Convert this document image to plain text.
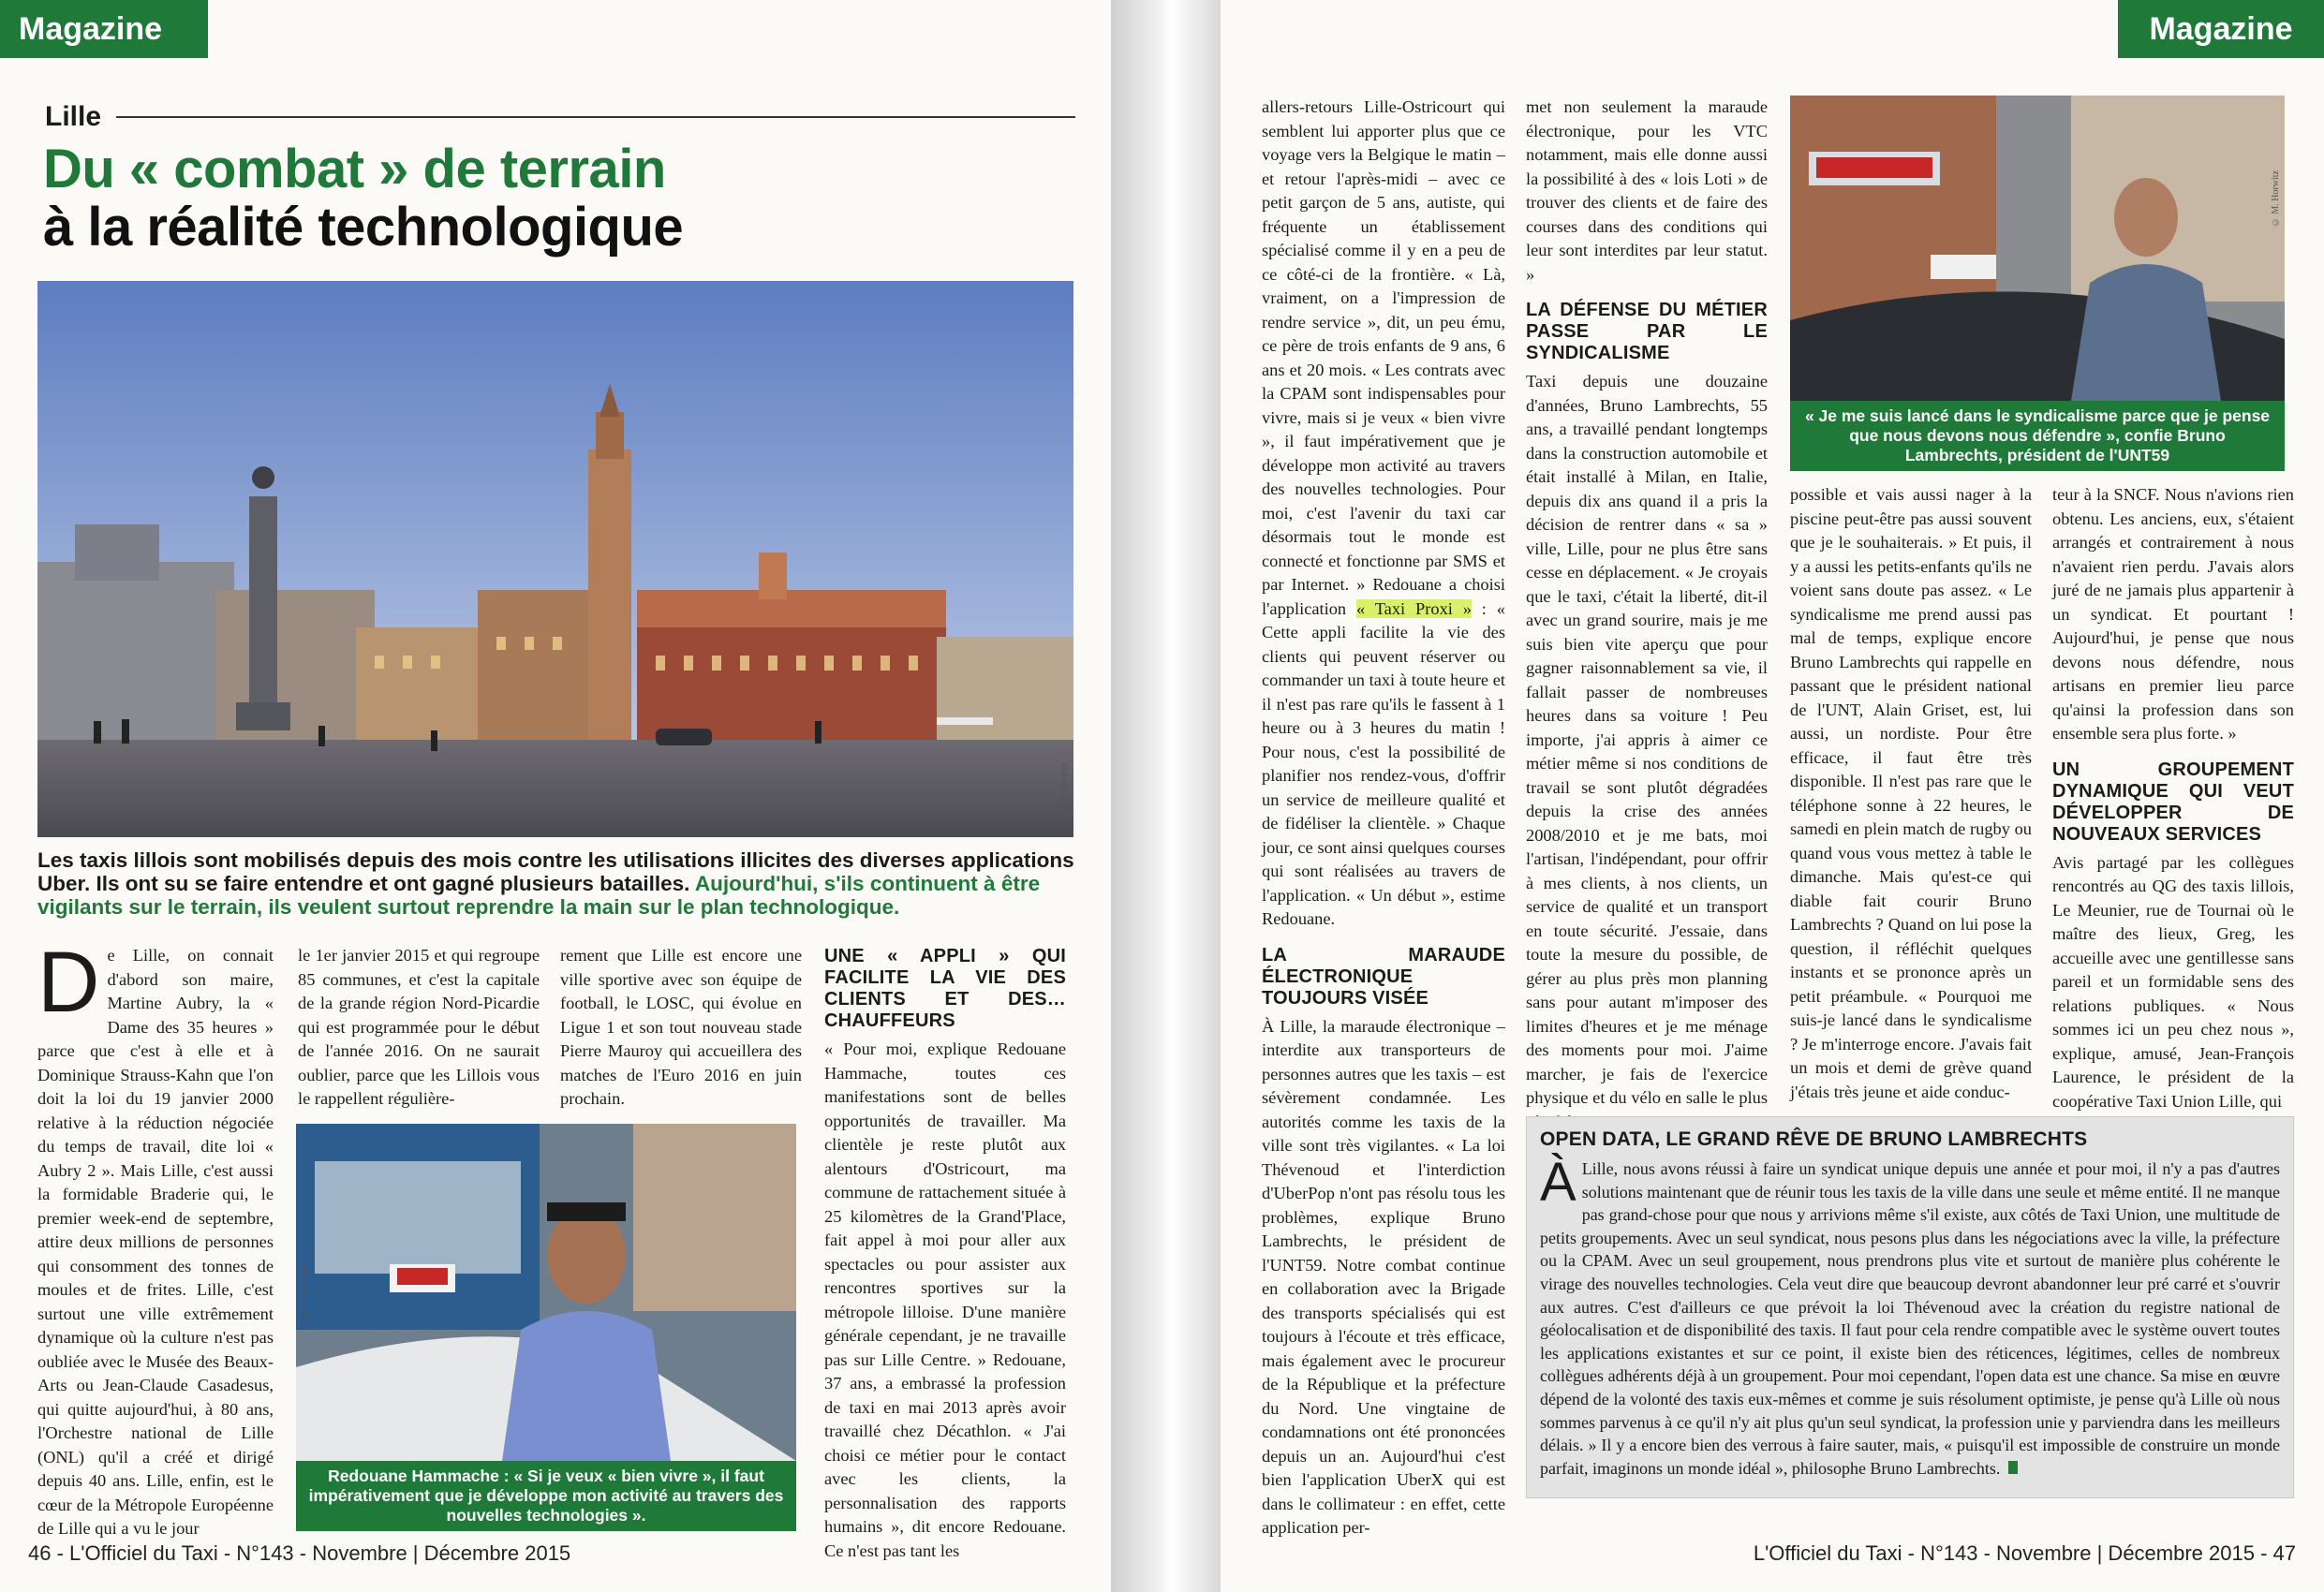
Magazine
Lille
Du « combat » de terrain
à la réalité technologique
© M. Horwitz
Les taxis lillois sont mobilisés depuis des mois contre les utilisations illicites des diverses applications Uber. Ils ont su se faire entendre et ont gagné plusieurs batailles. Aujourd'hui, s'ils continuent à être vigilants sur le terrain, ils veulent surtout reprendre la main sur le plan technologique.
D e Lille, on connait d'abord son maire, Martine Aubry, la « Dame des 35 heures » parce que c'est à elle et à Dominique Strauss-Kahn que l'on doit la loi du 19 janvier 2000 relative à la réduction négociée du temps de travail, dite loi « Aubry 2 ». Mais Lille, c'est aussi la formidable Braderie qui, le premier week-end de septembre, attire deux millions de personnes qui consomment des tonnes de moules et de frites. Lille, c'est surtout une ville extrêmement dynamique où la culture n'est pas oubliée avec le Musée des Beaux-Arts ou Jean-Claude Casadesus, qui quitte aujourd'hui, à 80 ans, l'Orchestre national de Lille (ONL) qu'il a créé et dirigé depuis 40 ans. Lille, enfin, est le cœur de la Métropole Européenne de Lille qui a vu le jour
le 1er janvier 2015 et qui regroupe 85 communes, et c'est la capitale de la grande région Nord-Picardie qui est programmée pour le début de l'année 2016. On ne saurait oublier, parce que les Lillois vous le rappellent régulière-
rement que Lille est encore une ville sportive avec son équipe de football, le LOSC, qui évolue en Ligue 1 et son tout nouveau stade Pierre Mauroy qui accueillera des matches de l'Euro 2016 en juin prochain.
© M. Horwitz
Redouane Hammache : « Si je veux « bien vivre », il faut impérativement que je développe mon activité au travers des nouvelles technologies ».
UNE « APPLI » QUI FACILITE LA VIE DES CLIENTS ET DES… CHAUFFEURS
« Pour moi, explique Redouane Hammache, toutes ces manifestations sont de belles opportunités de travailler. Ma clientèle je reste plutôt aux alentours d'Ostricourt, ma commune de rattachement située à 25 kilomètres de la Grand'Place, fait appel à moi pour aller aux spectacles ou pour assister aux rencontres sportives sur la métropole lilloise. D'une manière générale cependant, je ne travaille pas sur Lille Centre. » Redouane, 37 ans, a embrassé la profession de taxi en mai 2013 après avoir travaillé chez Décathlon. « J'ai choisi ce métier pour le contact avec les clients, la personnalisation des rapports humains », dit encore Redouane. Ce n'est pas tant les
46 - L'Officiel du Taxi - N°143 - Novembre | Décembre 2015
Magazine
allers-retours Lille-Ostricourt qui semblent lui apporter plus que ce voyage vers la Belgique le matin – et retour l'après-midi – avec ce petit garçon de 5 ans, autiste, qui fréquente un établissement spécialisé comme il y en a peu de ce côté-ci de la frontière. « Là, vraiment, on a l'impression de rendre service », dit, un peu ému, ce père de trois enfants de 9 ans, 6 ans et 20 mois. « Les contrats avec la CPAM sont indispensables pour vivre, mais si je veux « bien vivre », il faut impérativement que je développe mon activité au travers des nouvelles technologies. Pour moi, c'est l'avenir du taxi car désormais tout le monde est connecté et fonctionne par SMS et par Internet. » Redouane a choisi l'application « Taxi Proxi » : « Cette appli facilite la vie des clients qui peuvent réserver ou commander un taxi à toute heure et il n'est pas rare qu'ils le fassent à 1 heure ou à 3 heures du matin ! Pour nous, c'est la possibilité de planifier nos rendez-vous, d'offrir un service de meilleure qualité et de fidéliser la clientèle. » Chaque jour, ce sont ainsi quelques courses qui sont réalisées au travers de l'application. « Un début », estime Redouane.
LA MARAUDE ÉLECTRONIQUE TOUJOURS VISÉE
À Lille, la maraude électronique – interdite aux transporteurs de personnes autres que les taxis – est sévèrement condamnée. Les autorités comme les taxis de la ville sont très vigilantes. « La loi Thévenoud et l'interdiction d'UberPop n'ont pas résolu tous les problèmes, explique Bruno Lambrechts, le président de l'UNT59. Notre combat continue en collaboration avec la Brigade des transports spécialisés qui est toujours à l'écoute et très efficace, mais également avec le procureur de la République et la préfecture du Nord. Une vingtaine de condamnations ont été prononcées depuis un an. Aujourd'hui c'est bien l'application UberX qui est dans le collimateur : en effet, cette application per-
met non seulement la maraude électronique, pour les VTC notamment, mais elle donne aussi la possibilité à des « lois Loti » de trouver des clients et de faire des courses dans des conditions qui leur sont interdites par leur statut. »
LA DÉFENSE DU MÉTIER PASSE PAR LE SYNDICALISME
Taxi depuis une douzaine d'années, Bruno Lambrechts, 55 ans, a travaillé pendant longtemps dans la construction automobile et était installé à Milan, en Italie, depuis dix ans quand il a pris la décision de rentrer dans « sa » ville, Lille, pour ne plus être sans cesse en déplacement. « Je croyais que le taxi, c'était la liberté, dit-il avec un grand sourire, mais je me suis bien vite aperçu que pour gagner raisonnablement sa vie, il fallait passer de nombreuses heures dans sa voiture ! Peu importe, j'ai appris à aimer ce métier même si nos conditions de travail se sont plutôt dégradées depuis la crise des années 2008/2010 et je me bats, moi l'artisan, l'indépendant, pour offrir à mes clients, à nos clients, un service de qualité et un transport en toute sécurité. J'essaie, dans toute la mesure du possible, de gérer au plus près mon planning sans pour autant m'imposer des limites d'heures et je me ménage des moments pour moi. J'aime marcher, je fais de l'exercice physique et du vélo en salle le plus
© M. Horwitz
« Je me suis lancé dans le syndicalisme parce que je pense que nous devons nous défendre », confie Bruno Lambrechts, président de l'UNT59
possible et vais aussi nager à la piscine peut-être pas aussi souvent que je le souhaiterais. » Et puis, il y a aussi les petits-enfants qu'ils ne voient sans doute pas assez. « Le syndicalisme me prend aussi pas mal de temps, explique encore Bruno Lambrechts qui rappelle en passant que le président national de l'UNT, Alain Griset, est, lui aussi, un nordiste. Pour être efficace, il faut être très disponible. Il n'est pas rare que le téléphone sonne à 22 heures, le samedi en plein match de rugby ou quand vous vous mettez à table le dimanche. Mais qu'est-ce qui diable fait courir Bruno Lambrechts ? Quand on lui pose la question, il réfléchit quelques instants et se prononce après un petit préambule. « Pourquoi me suis-je lancé dans le syndicalisme ? Je m'interroge encore. J'avais fait un mois et demi de grève quand j'étais très jeune et aide conduc-
teur à la SNCF. Nous n'avions rien obtenu. Les anciens, eux, s'étaient arrangés et contrairement à nous n'avaient rien perdu. J'avais alors juré de ne jamais plus appartenir à un syndicat. Et pourtant ! Aujourd'hui, je pense que nous devons nous défendre, nous artisans en premier lieu parce qu'ainsi la profession dans son ensemble sera plus forte. »
UN GROUPEMENT DYNAMIQUE QUI VEUT DÉVELOPPER DE NOUVEAUX SERVICES
Avis partagé par les collègues rencontrés au QG des taxis lillois, Le Meunier, rue de Tournai où le maître des lieux, Greg, les accueille avec une gentillesse sans pareil et un formidable sens des relations publiques. « Nous sommes ici un peu chez nous », explique, amusé, Jean-François Laurence, le président de la coopérative Taxi Union Lille, qui
OPEN DATA, LE GRAND RÊVE DE BRUNO LAMBRECHTS
À Lille, nous avons réussi à faire un syndicat unique depuis une année et pour moi, il n'y a pas d'autres solutions maintenant que de réunir tous les taxis de la ville dans une seule et même entité. Il ne manque pas grand-chose pour que nous y arrivions même s'il existe, aux côtés de Taxi Union, une multitude de petits groupements. Avec un seul syndicat, nous pesons plus dans les négociations avec la ville, la préfecture ou la CPAM. Avec un seul groupement, nous prendrons plus vite et surtout de manière plus cohérente le virage des nouvelles technologies. Cela veut dire que beaucoup devront abandonner leur pré carré et s'ouvrir aux autres. C'est d'ailleurs ce que prévoit la loi Thévenoud avec la création du registre national de géolocalisation et de disponibilité des taxis. Il faut pour cela rendre compatible avec le système ouvert toutes les applications existantes et sur ce point, il existe bien des réticences, légitimes, celles de nombreux collègues adhérents déjà à un groupement. Pour moi cependant, l'open data est une chance. Sa mise en œuvre dépend de la volonté des taxis eux-mêmes et comme je suis résolument optimiste, je pense qu'à Lille où nous sommes parvenus à ce qu'il n'y ait plus qu'un seul syndicat, la profession unie y parviendra dans les meilleurs délais. » Il y a encore bien des verrous à faire sauter, mais, « puisqu'il est impossible de construire un monde parfait, imaginons un monde idéal », philosophe Bruno Lambrechts.
L'Officiel du Taxi - N°143 - Novembre | Décembre 2015 - 47
